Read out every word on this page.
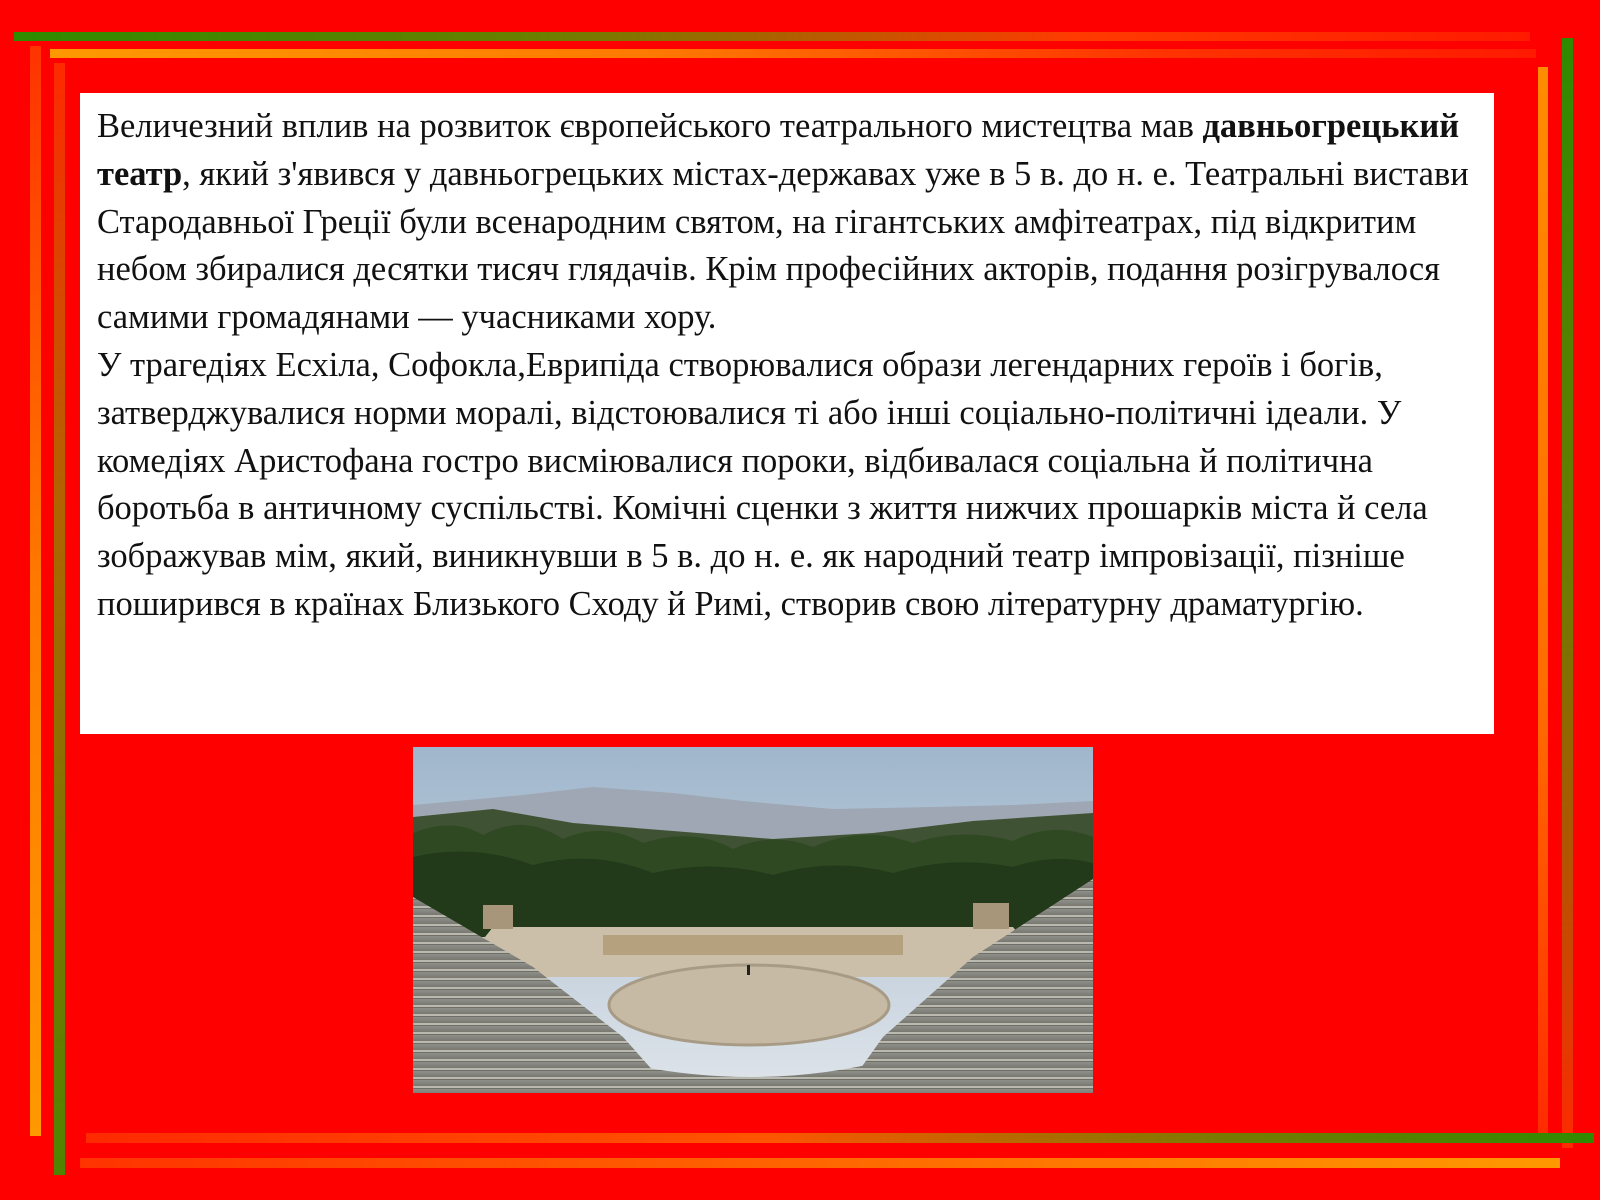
Величезний вплив на розвиток європейського театрального мистецтва мав давньогрецький театр, який з'явився у давньогрецьких містах-державах уже в 5 в. до н. е. Театральні вистави Стародавньої Греції були всенародним святом, на гігантських амфітеатрах, під відкритим небом збиралися десятки тисяч глядачів. Крім професійних акторів, подання розігрувалося самими громадянами — учасниками хору.

У трагедіях Есхіла, Софокла,Еврипіда створювалися образи легендарних героїв і богів, затверджувалися норми моралі, відстоювалися ті або інші соціально-політичні ідеали. У комедіях Аристофана гостро висміювалися пороки, відбивалася соціальна й політична боротьба в античному суспільстві. Комічні сценки з життя нижчих прошарків міста й села зображував мім, який, виникнувши в 5 в. до н. е. як народний театр імпровізації, пізніше поширився в країнах Близького Сходу й Римі, створив свою літературну драматургію.
